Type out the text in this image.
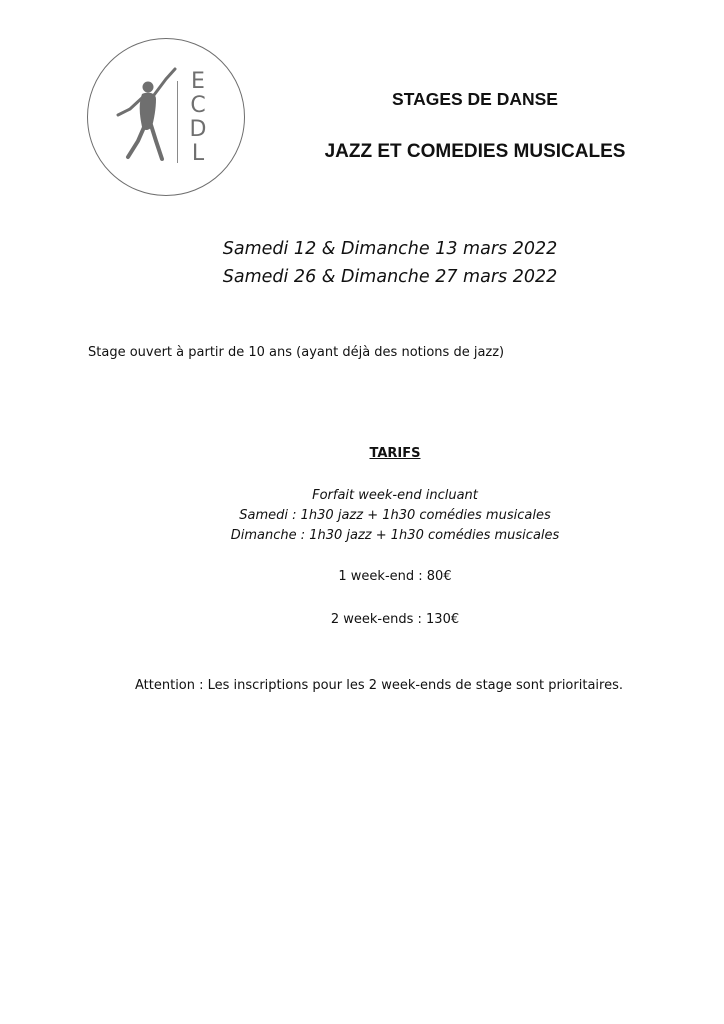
E
C
D
L
STAGES DE DANSE
JAZZ ET COMEDIES MUSICALES
Samedi 12 & Dimanche 13 mars 2022
Samedi 26 & Dimanche 27 mars 2022
Stage ouvert à partir de 10 ans (ayant déjà des notions de jazz)
TARIFS
Forfait week-end incluant
Samedi : 1h30 jazz + 1h30 comédies musicales
Dimanche : 1h30 jazz + 1h30 comédies musicales
1 week-end : 80€
2 week-ends : 130€
Attention : Les inscriptions pour les 2 week-ends de stage sont prioritaires.
